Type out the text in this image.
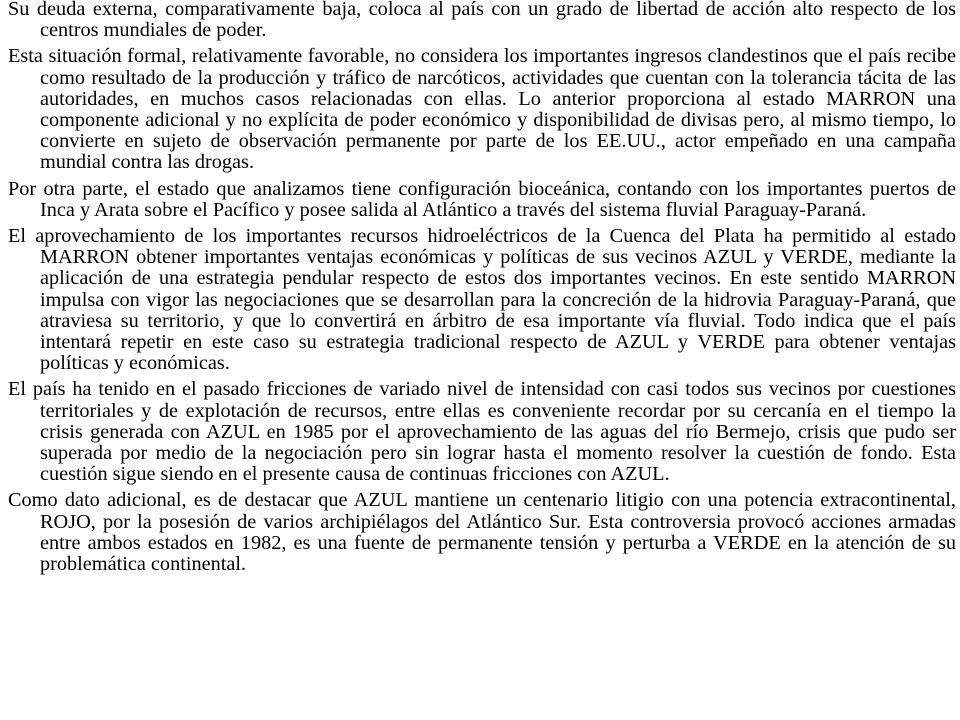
Su deuda externa, comparativamente baja, coloca al país con un grado de libertad de acción alto respecto de los centros mundiales de poder.

Esta situación formal, relativamente favorable, no considera los importantes ingresos clandestinos que el país recibe como resultado de la producción y tráfico de narcóticos, actividades que cuentan con la tolerancia tácita de las autoridades, en muchos casos relacionadas con ellas. Lo anterior proporciona al estado MARRON una componente adicional y no explícita de poder económico y disponibilidad de divisas pero, al mismo tiempo, lo convierte en sujeto de observación permanente por parte de los EE.UU., actor empeñado en una campaña mundial contra las drogas.

Por otra parte, el estado que analizamos tiene configuración bioceánica, contando con los importantes puertos de Inca y Arata sobre el Pacífico y posee salida al Atlántico a través del sistema fluvial Paraguay-Paraná.

El aprovechamiento de los importantes recursos hidroeléctricos de la Cuenca del Plata ha permitido al estado MARRON obtener importantes ventajas económicas y políticas de sus vecinos AZUL y VERDE, mediante la aplicación de una estrategia pendular respecto de estos dos importantes vecinos. En este sentido MARRON impulsa con vigor las negociaciones que se desarrollan para la concreción de la hidrovia Paraguay-Paraná, que atraviesa su territorio, y que lo convertirá en árbitro de esa importante vía fluvial. Todo indica que el país intentará repetir en este caso su estrategia tradicional respecto de AZUL y VERDE para obtener ventajas políticas y económicas.

El país ha tenido en el pasado fricciones de variado nivel de intensidad con casi todos sus vecinos por cuestiones territoriales y de explotación de recursos, entre ellas es conveniente recordar por su cercanía en el tiempo la crisis generada con AZUL en 1985 por el aprovechamiento de las aguas del río Bermejo, crisis que pudo ser superada por medio de la negociación pero sin lograr hasta el momento resolver la cuestión de fondo. Esta cuestión sigue siendo en el presente causa de continuas fricciones con AZUL.

Como dato adicional, es de destacar que AZUL mantiene un centenario litigio con una potencia extracontinental, ROJO, por la posesión de varios archipiélagos del Atlántico Sur. Esta controversia provocó acciones armadas entre ambos estados en 1982, es una fuente de permanente tensión y perturba a VERDE en la atención de su problemática continental.
